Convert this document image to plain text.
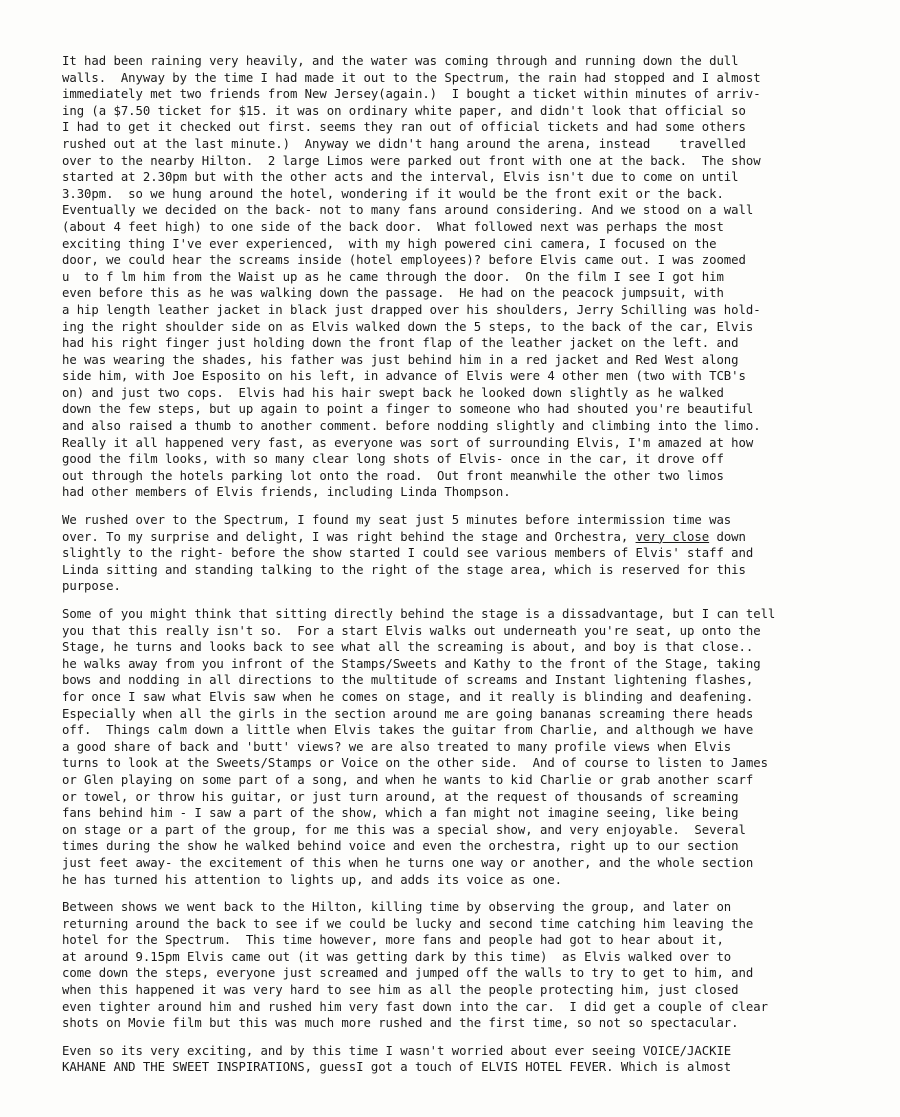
It had been raining very heavily, and the water was coming through and running down the dull
walls.  Anyway by the time I had made it out to the Spectrum, the rain had stopped and I almost
immediately met two friends from New Jersey(again.)  I bought a ticket within minutes of arriv-
ing (a $7.50 ticket for $15. it was on ordinary white paper, and didn't look that official so
I had to get it checked out first. seems they ran out of official tickets and had some others
rushed out at the last minute.)  Anyway we didn't hang around the arena, instead    travelled
over to the nearby Hilton.  2 large Limos were parked out front with one at the back.  The show
started at 2.30pm but with the other acts and the interval, Elvis isn't due to come on until
3.30pm.  so we hung around the hotel, wondering if it would be the front exit or the back.
Eventually we decided on the back- not to many fans around considering. And we stood on a wall
(about 4 feet high) to one side of the back door.  What followed next was perhaps the most
exciting thing I've ever experienced,  with my high powered cini camera, I focused on the
door, we could hear the screams inside (hotel employees)? before Elvis came out. I was zoomed
u  to f lm him from the Waist up as he came through the door.  On the film I see I got him
even before this as he was walking down the passage.  He had on the peacock jumpsuit, with
a hip length leather jacket in black just drapped over his shoulders, Jerry Schilling was hold-
ing the right shoulder side on as Elvis walked down the 5 steps, to the back of the car, Elvis
had his right finger just holding down the front flap of the leather jacket on the left. and
he was wearing the shades, his father was just behind him in a red jacket and Red West along
side him, with Joe Esposito on his left, in advance of Elvis were 4 other men (two with TCB's
on) and just two cops.  Elvis had his hair swept back he looked down slightly as he walked
down the few steps, but up again to point a finger to someone who had shouted you're beautiful
and also raised a thumb to another comment. before nodding slightly and climbing into the limo.
Really it all happened very fast, as everyone was sort of surrounding Elvis, I'm amazed at how
good the film looks, with so many clear long shots of Elvis- once in the car, it drove off
out through the hotels parking lot onto the road.  Out front meanwhile the other two limos
had other members of Elvis friends, including Linda Thompson.
We rushed over to the Spectrum, I found my seat just 5 minutes before intermission time was
over. To my surprise and delight, I was right behind the stage and Orchestra, very close down
slightly to the right- before the show started I could see various members of Elvis' staff and
Linda sitting and standing talking to the right of the stage area, which is reserved for this
purpose.
Some of you might think that sitting directly behind the stage is a dissadvantage, but I can tell
you that this really isn't so.  For a start Elvis walks out underneath you're seat, up onto the
Stage, he turns and looks back to see what all the screaming is about, and boy is that close..
he walks away from you infront of the Stamps/Sweets and Kathy to the front of the Stage, taking
bows and nodding in all directions to the multitude of screams and Instant lightening flashes,
for once I saw what Elvis saw when he comes on stage, and it really is blinding and deafening.
Especially when all the girls in the section around me are going bananas screaming there heads
off.  Things calm down a little when Elvis takes the guitar from Charlie, and although we have
a good share of back and 'butt' views? we are also treated to many profile views when Elvis
turns to look at the Sweets/Stamps or Voice on the other side.  And of course to listen to James
or Glen playing on some part of a song, and when he wants to kid Charlie or grab another scarf
or towel, or throw his guitar, or just turn around, at the request of thousands of screaming
fans behind him - I saw a part of the show, which a fan might not imagine seeing, like being
on stage or a part of the group, for me this was a special show, and very enjoyable.  Several
times during the show he walked behind voice and even the orchestra, right up to our section
just feet away- the excitement of this when he turns one way or another, and the whole section
he has turned his attention to lights up, and adds its voice as one.
Between shows we went back to the Hilton, killing time by observing the group, and later on
returning around the back to see if we could be lucky and second time catching him leaving the
hotel for the Spectrum.  This time however, more fans and people had got to hear about it,
at around 9.15pm Elvis came out (it was getting dark by this time)  as Elvis walked over to
come down the steps, everyone just screamed and jumped off the walls to try to get to him, and
when this happened it was very hard to see him as all the people protecting him, just closed
even tighter around him and rushed him very fast down into the car.  I did get a couple of clear
shots on Movie film but this was much more rushed and the first time, so not so spectacular.
Even so its very exciting, and by this time I wasn't worried about ever seeing VOICE/JACKIE
KAHANE AND THE SWEET INSPIRATIONS, guessI got a touch of ELVIS HOTEL FEVER. Which is almost
